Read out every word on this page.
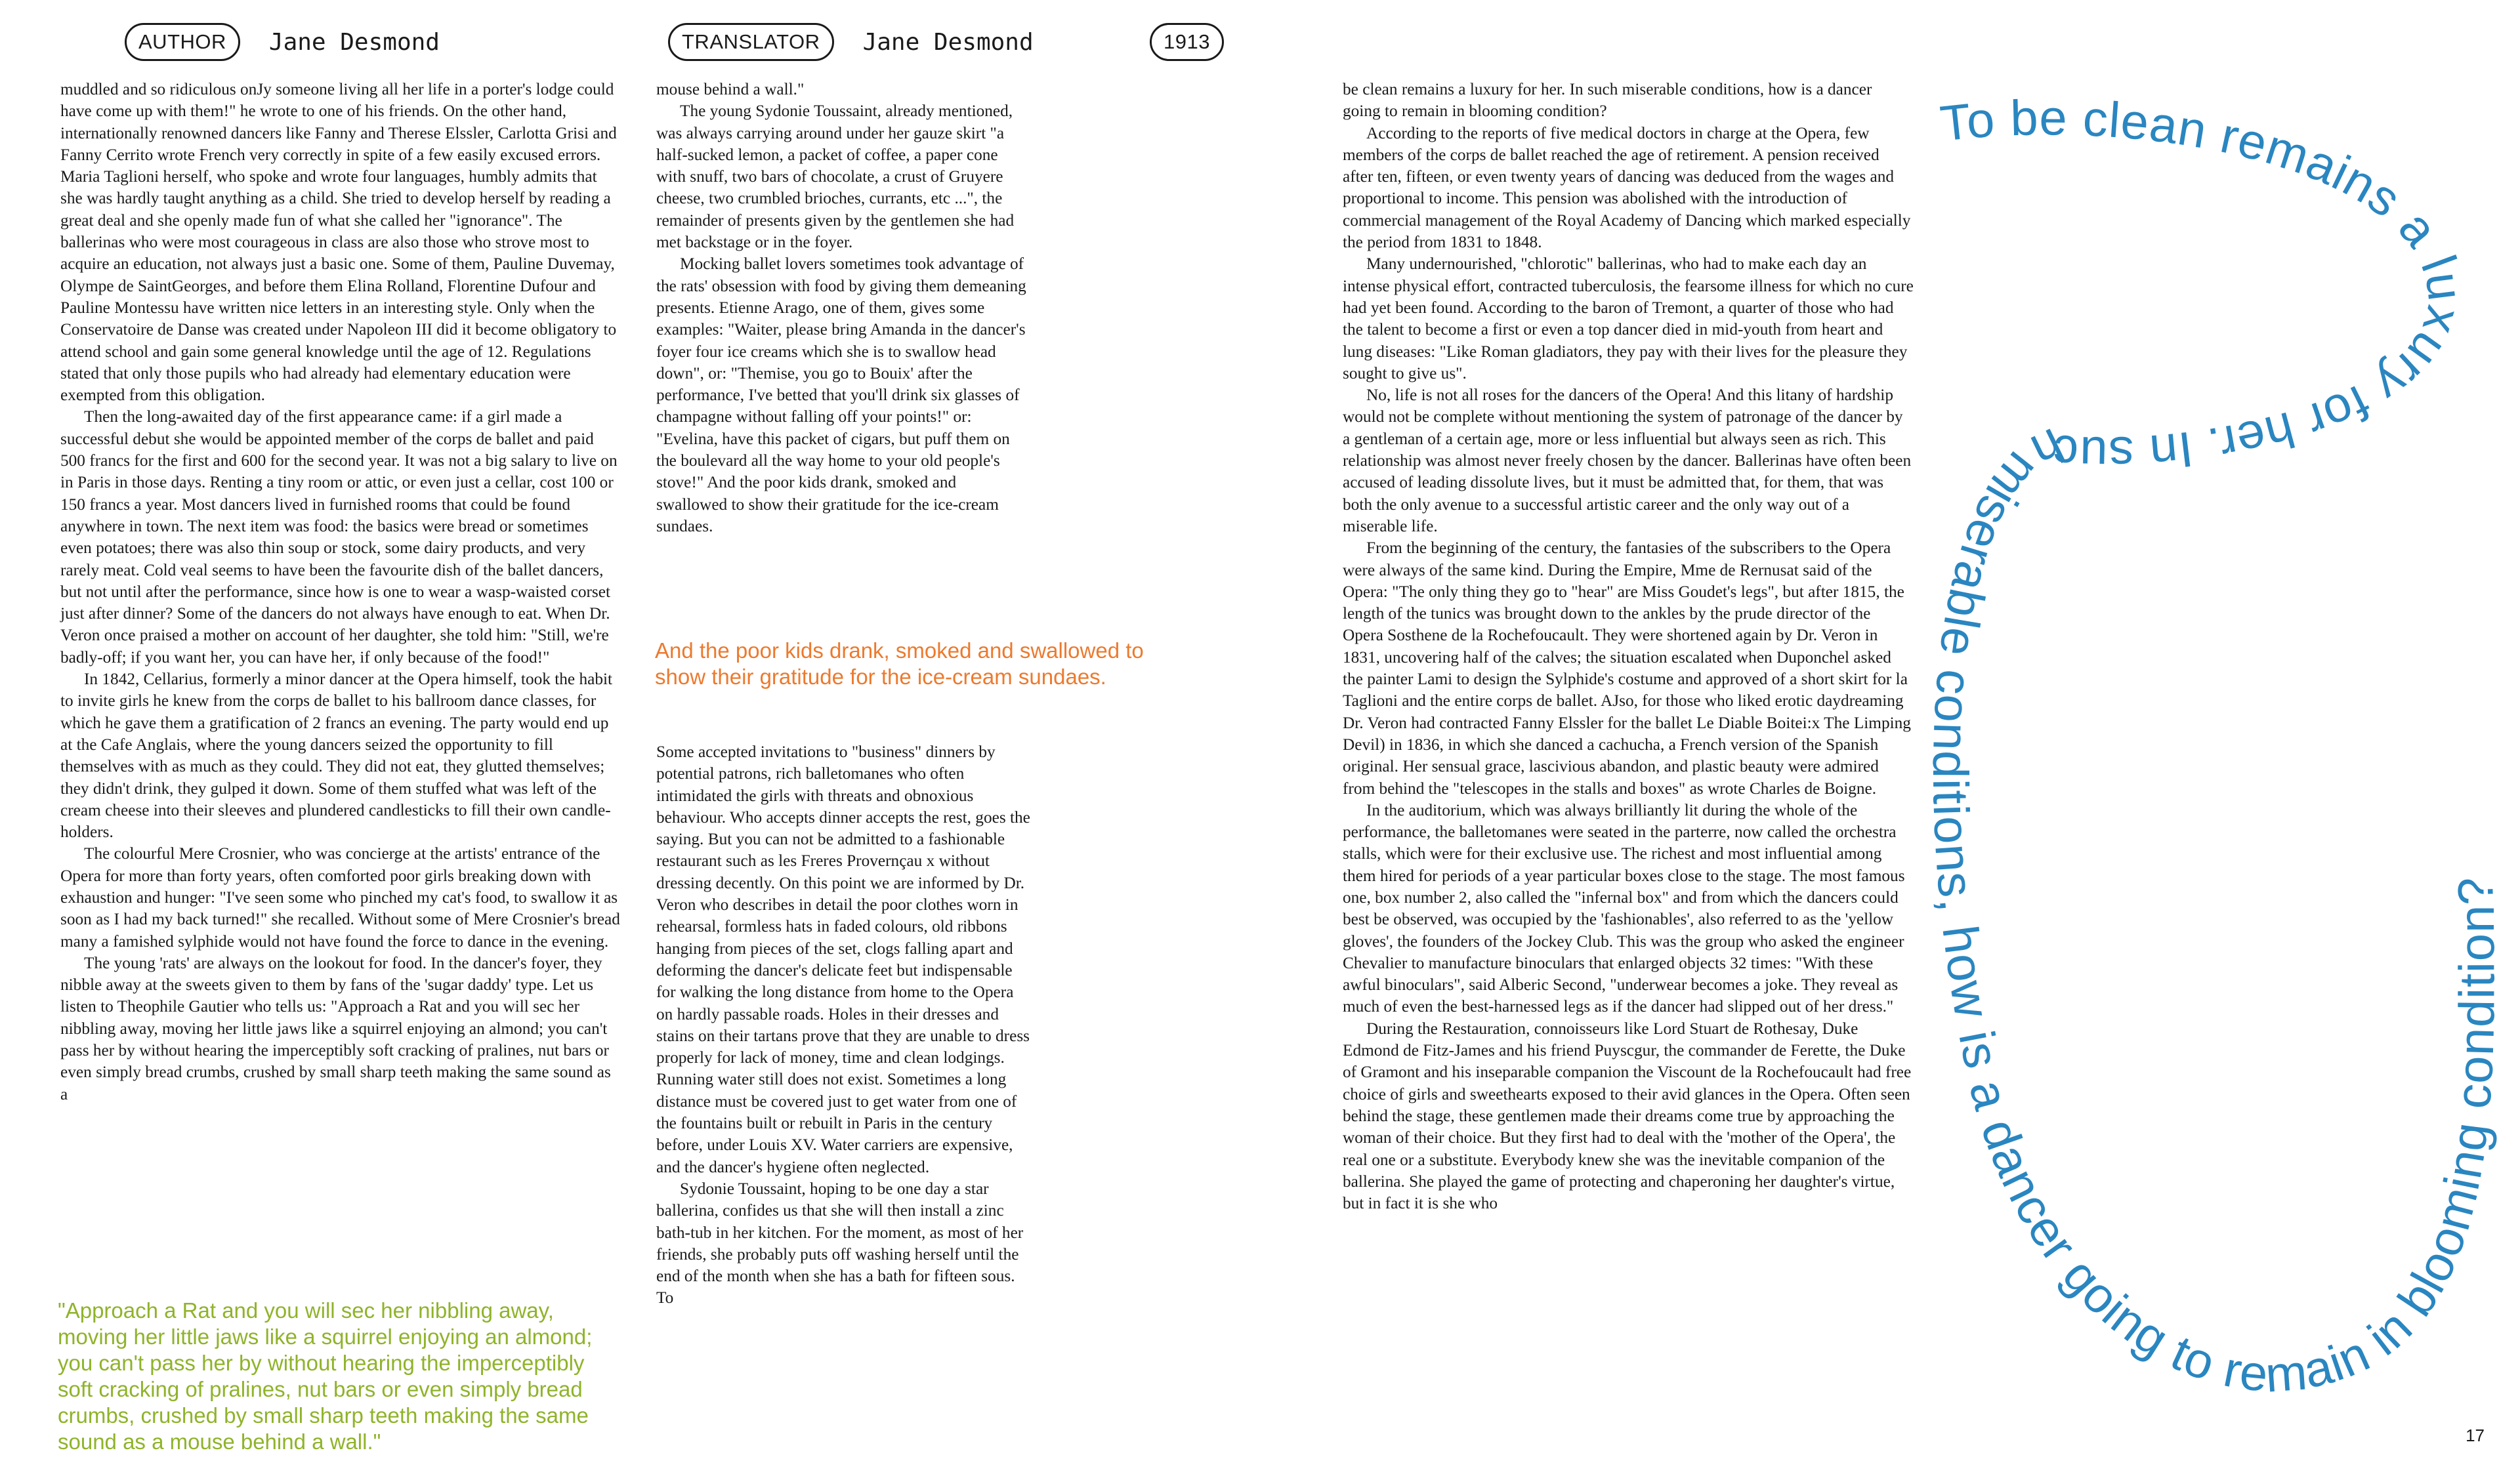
AUTHOR	Jane Desmond	TRANSLATOR	Jane Desmond	1913

muddled and so ridiculous onJy someone living all her life in a porter's lodge could have come up with them!" he wrote to one of his friends. On the other hand, internationally renowned dancers like Fanny and Therese Elssler, Carlotta Grisi and Fanny Cerrito wrote French very correctly in spite of a few easily excused errors. Maria Taglioni herself, who spoke and wrote four languages, humbly admits that she was hardly taught anything as a child. She tried to develop herself by reading a great deal and she openly made fun of what she called her "ignorance". The ballerinas who were most courageous in class are also those who strove most to acquire an education, not always just a basic one. Some of them, Pauline Duvemay, Olympe de SaintGeorges, and before them Elina Rolland, Florentine Dufour and Pauline Montessu have written nice letters in an interesting style. Only when the Conservatoire de Danse was created under Napoleon III did it become obligatory to attend school and gain some general knowledge until the age of 12. Regulations stated that only those pupils who had already had elementary education were exempted from this obligation.

Then the long-awaited day of the first appearance came: if a girl made a successful debut she would be appointed member of the corps de ballet and paid 500 francs for the first and 600 for the second year. It was not a big salary to live on in Paris in those days. Renting a tiny room or attic, or even just a cellar, cost 100 or 150 francs a year. Most dancers lived in furnished rooms that could be found anywhere in town. The next item was food: the basics were bread or sometimes even potatoes; there was also thin soup or stock, some dairy products, and very rarely meat. Cold veal seems to have been the favourite dish of the ballet dancers, but not until after the performance, since how is one to wear a wasp-waisted corset just after dinner? Some of the dancers do not always have enough to eat. When Dr. Veron once praised a mother on account of her daughter, she told him: "Still, we're badly-off; if you want her, you can have her, if only because of the food!"

In 1842, Cellarius, formerly a minor dancer at the Opera himself, took the habit to invite girls he knew from the corps de ballet to his ballroom dance classes, for which he gave them a gratification of 2 francs an evening. The party would end up at the Cafe Anglais, where the young dancers seized the opportunity to fill themselves with as much as they could. They did not eat, they glutted themselves; they didn't drink, they gulped it down. Some of them stuffed what was left of the cream cheese into their sleeves and plundered candlesticks to fill their own candle-holders.

The colourful Mere Crosnier, who was concierge at the artists' entrance of the Opera for more than forty years, often comforted poor girls breaking down with exhaustion and hunger: "I've seen some who pinched my cat's food, to swallow it as soon as I had my back turned!" she recalled. Without some of Mere Crosnier's bread many a famished sylphide would not have found the force to dance in the evening.

The young 'rats' are always on the lookout for food. In the dancer's foyer, they nibble away at the sweets given to them by fans of the 'sugar daddy' type. Let us listen to Theophile Gautier who tells us: "Approach a Rat and you will sec her nibbling away, moving her little jaws like a squirrel enjoying an almond; you can't pass her by without hearing the imperceptibly soft cracking of pralines, nut bars or even simply bread crumbs, crushed by small sharp teeth making the same sound as a

"Approach a Rat and you will sec her nibbling away, moving her little jaws like a squirrel enjoying an almond; you can't pass her by without hearing the imperceptibly soft cracking of pralines, nut bars or even simply bread crumbs, crushed by small sharp teeth making the same sound as a mouse behind a wall."

mouse behind a wall."

The young Sydonie Toussaint, already mentioned, was always carrying around under her gauze skirt "a half-sucked lemon, a packet of coffee, a paper cone with snuff, two bars of chocolate, a crust of Gruyere cheese, two crumbled brioches, currants, etc ...", the remainder of presents given by the gentlemen she had met backstage or in the foyer.

Mocking ballet lovers sometimes took advantage of the rats' obsession with food by giving them demeaning presents. Etienne Arago, one of them, gives some examples: "Waiter, please bring Amanda in the dancer's foyer four ice creams which she is to swallow head down", or: "Themise, you go to Bouix' after the performance, I've betted that you'll drink six glasses of champagne without falling off your points!" or: "Evelina, have this packet of cigars, but puff them on the boulevard all the way home to your old people's stove!" And the poor kids drank, smoked and swallowed to show their gratitude for the ice-cream sundaes.

And the poor kids drank, smoked and swallowed to show their gratitude for the ice-cream sundaes.

Some accepted invitations to "business" dinners by potential patrons, rich balletomanes who often intimidated the girls with threats and obnoxious behaviour. Who accepts dinner accepts the rest, goes the saying. But you can not be admitted to a fashionable restaurant such as les Freres Provernçau x without dressing decently. On this point we are informed by Dr. Veron who describes in detail the poor clothes worn in rehearsal, formless hats in faded colours, old ribbons hanging from pieces of the set, clogs falling apart and deforming the dancer's delicate feet but indispensable for walking the long distance from home to the Opera on hardly passable roads. Holes in their dresses and stains on their tartans prove that they are unable to dress properly for lack of money, time and clean lodgings. Running water still does not exist. Sometimes a long distance must be covered just to get water from one of the fountains built or rebuilt in Paris in the century before, under Louis XV. Water carriers are expensive, and the dancer's hygiene often neglected.

Sydonie Toussaint, hoping to be one day a star ballerina, confides us that she will then install a zinc bath-tub in her kitchen. For the moment, as most of her friends, she probably puts off washing herself until the end of the month when she has a bath for fifteen sous. To

be clean remains a luxury for her. In such miserable conditions, how is a dancer going to remain in blooming condition?

According to the reports of five medical doctors in charge at the Opera, few members of the corps de ballet reached the age of retirement. A pension received after ten, fifteen, or even twenty years of dancing was deduced from the wages and proportional to income. This pension was abolished with the introduction of commercial management of the Royal Academy of Dancing which marked especially the period from 1831 to 1848.

Many undernourished, "chlorotic" ballerinas, who had to make each day an intense physical effort, contracted tuberculosis, the fearsome illness for which no cure had yet been found. According to the baron of Tremont, a quarter of those who had the talent to become a first or even a top dancer died in mid-youth from heart and lung diseases: "Like Roman gladiators, they pay with their lives for the pleasure they sought to give us".

No, life is not all roses for the dancers of the Opera! And this litany of hardship would not be complete without mentioning the system of patronage of the dancer by a gentleman of a certain age, more or less influential but always seen as rich. This relationship was almost never freely chosen by the dancer. Ballerinas have often been accused of leading dissolute lives, but it must be admitted that, for them, that was both the only avenue to a successful artistic career and the only way out of a miserable life.

From the beginning of the century, the fantasies of the subscribers to the Opera were always of the same kind. During the Empire, Mme de Rernusat said of the Opera: "The only thing they go to "hear" are Miss Goudet's legs", but after 1815, the length of the tunics was brought down to the ankles by the prude director of the Opera Sosthene de la Rochefoucault. They were shortened again by Dr. Veron in 1831, uncovering half of the calves; the situation escalated when Duponchel asked the painter Lami to design the Sylphide's costume and approved of a short skirt for la Taglioni and the entire corps de ballet. AJso, for those who liked erotic daydreaming Dr. Veron had contracted Fanny Elssler for the ballet Le Diable Boitei:x The Limping Devil) in 1836, in which she danced a cachucha, a French version of the Spanish original. Her sensual grace, lascivious abandon, and plastic beauty were admired from behind the "telescopes in the stalls and boxes" as wrote Charles de Boigne.

In the auditorium, which was always brilliantly lit during the whole of the performance, the balletomanes were seated in the parterre, now called the orchestra stalls, which were for their exclusive use. The richest and most influential among them hired for periods of a year particular boxes close to the stage. The most famous one, box number 2, also called the "infernal box" and from which the dancers could best be observed, was occupied by the 'fashionables', also referred to as the 'yellow gloves', the founders of the Jockey Club. This was the group who asked the engineer Chevalier to manufacture binoculars that enlarged objects 32 times: "With these awful binoculars", said Alberic Second, "underwear becomes a joke. They reveal as much of even the best-harnessed legs as if the dancer had slipped out of her dress."

During the Restauration, connoisseurs like Lord Stuart de Rothesay, Duke Edmond de Fitz-James and his friend Puyscgur, the commander de Ferette, the Duke of Gramont and his inseparable companion the Viscount de la Rochefoucault had free choice of girls and sweethearts exposed to their avid glances in the Opera. Often seen behind the stage, these gentlemen made their dreams come true by approaching the woman of their choice. But they first had to deal with the 'mother of the Opera', the real one or a substitute. Everybody knew she was the inevitable companion of the ballerina. She played the game of protecting and chaperoning her daughter's virtue, but in fact it is she who

To be clean remains a luxury for her. In such miserable conditions, how is a dancer going to remain in blooming condition?
17
